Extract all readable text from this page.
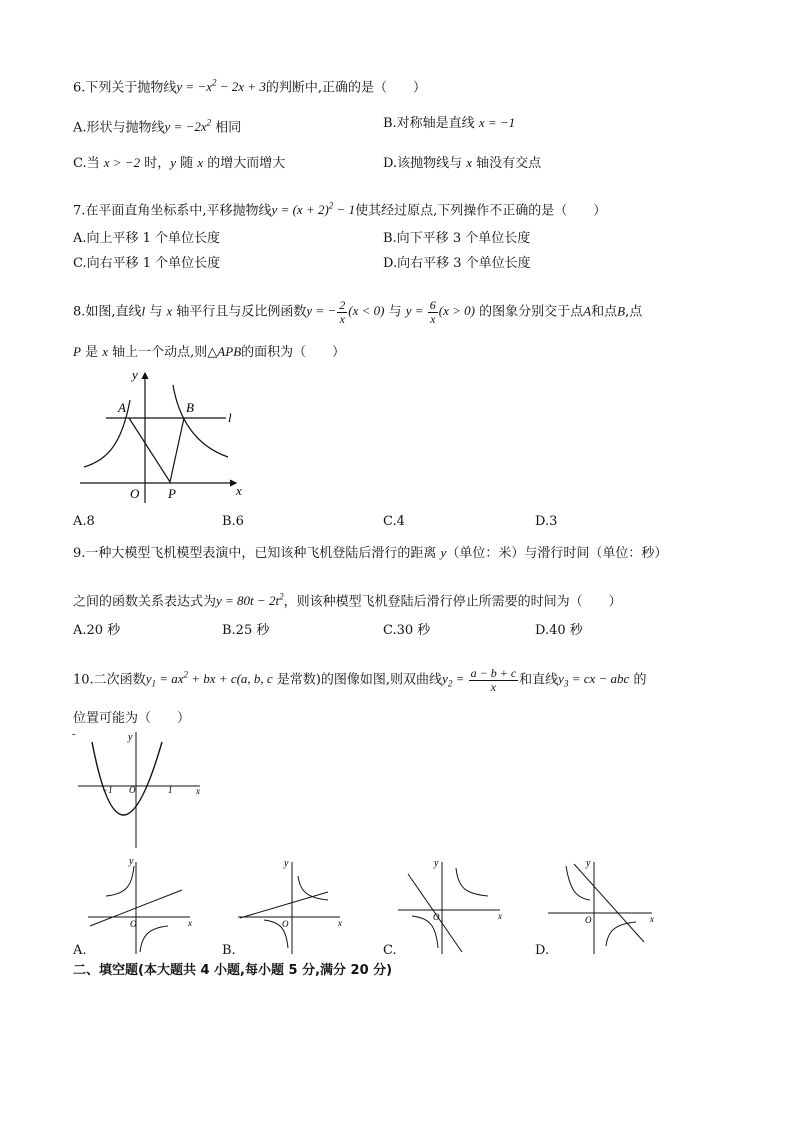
6.下列关于抛物线$y = -x^2 - 2x + 3$的判断中,正确的是（　　）
A.形状与抛物线$y = -2x^2$ 相同	B.对称轴是直线 x = −1
C.当 x > −2 时，y 随 x 的增大而增大	D.该抛物线与 x 轴没有交点
7.在平面直角坐标系中,平移抛物线$y = (x + 2)^2 - 1$使其经过原点,下列操作不正确的是（　　）
A.向上平移 1 个单位长度	B.向下平移 3 个单位长度
C.向右平移 1 个单位长度	D.向右平移 3 个单位长度
8.如图,直线l 与 x 轴平行且与反比例函数y = − $\frac{2}{x} (x < 0)$ 与 $y = \frac{6}{x} (x > 0)$ 的图象分别交于点A和点B,点
P 是 x 轴上一个动点,则△APB的面积为（　　）
y
x
A	B
l
O P
A.8	B.6	C.4	D.3
9.一种大模型飞机模型表演中，已知该种飞机登陆后滑行的距离 y（单位：米）与滑行时间（单位：秒）
之间的函数关系表达式为$y = 80t - 2t^2$，则该种模型飞机登陆后滑行停止所需要的时间为（　　）
A.20 秒	B.25 秒	C.30 秒	D.40 秒
10.二次函数$y_1 = ax^2$ + bx + c(a, b, c 是常数)的图像如图,则双曲线$y_2 = \frac{a - b + c}{x}$ 和直线$y_3$ = cx − abc 的
位置可能为（　　）
-	y
x
O
−1	1
y
x
O
A.
y
x
O
B.
y
x
O
C.
y
x
O
D.
二、填空题(本大题共 4 小题,每小题 5 分,满分 20 分)
